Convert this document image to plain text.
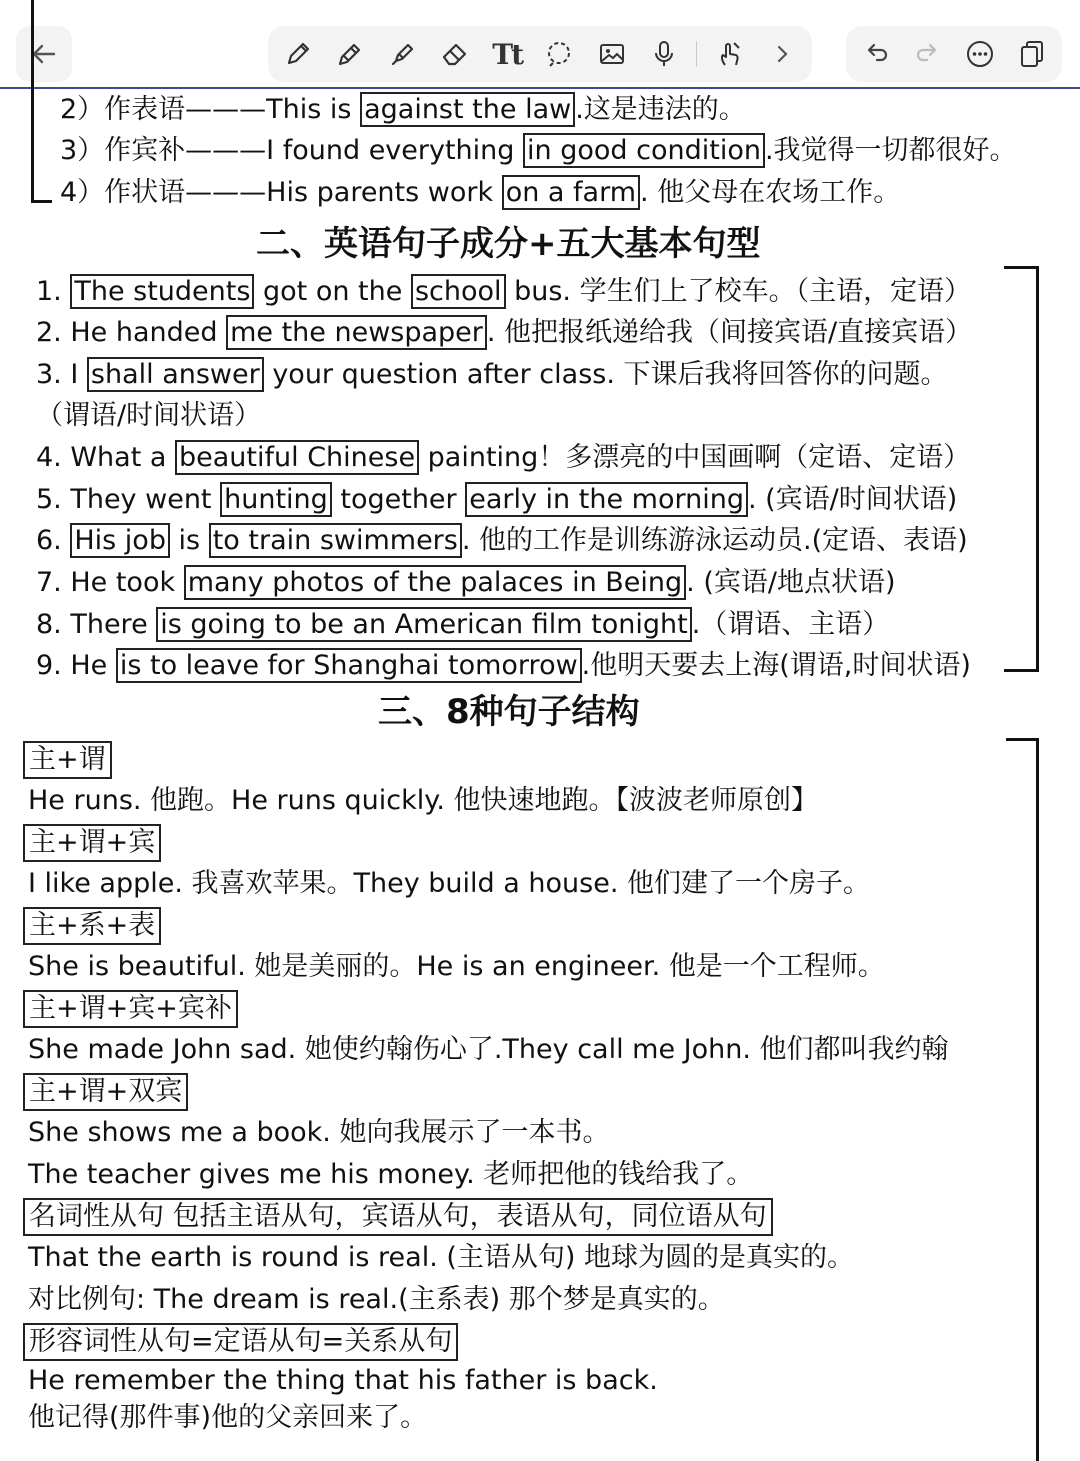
Tt
2）作表语———This is against the law .这是违法的。
3）作宾补———I found everything in good condition .我觉得一切都很好。
4）作状语———His parents work on a farm . 他父母在农场工作。
二、英语句子成分+五大基本句型
1. The students got on the school bus. 学生们上了校车。（主语，定语）
2. He handed me the newspaper . 他把报纸递给我（间接宾语/直接宾语）
3. I shall answer your question after class. 下课后我将回答你的问题。
（谓语/时间状语）
4. What a beautiful Chinese painting！多漂亮的中国画啊（定语、定语）
5. They went hunting together early in the morning . (宾语/时间状语)
6. His job is to train swimmers . 他的工作是训练游泳运动员.(定语、表语)
7. He took many photos of the palaces in Being . (宾语/地点状语)
8. There is going to be an American film tonight .（谓语、主语）
9. He is to leave for Shanghai tomorrow .他明天要去上海(谓语,时间状语)
三、8种句子结构
主+谓
He runs. 他跑。He runs quickly. 他快速地跑。【波波老师原创】
主+谓+宾
I like apple. 我喜欢苹果。They build a house. 他们建了一个房子。
主+系+表
She is beautiful. 她是美丽的。He is an engineer. 他是一个工程师。
主+谓+宾+宾补
She made John sad. 她使约翰伤心了.They call me John. 他们都叫我约翰
主+谓+双宾
She shows me a book. 她向我展示了一本书。
The teacher gives me his money. 老师把他的钱给我了。
名词性从句 包括主语从句，宾语从句，表语从句，同位语从句
That the earth is round is real. (主语从句) 地球为圆的是真实的。
对比例句: The dream is real.(主系表) 那个梦是真实的。
形容词性从句=定语从句=关系从句
He remember the thing that his father is back.
他记得(那件事)他的父亲回来了。
